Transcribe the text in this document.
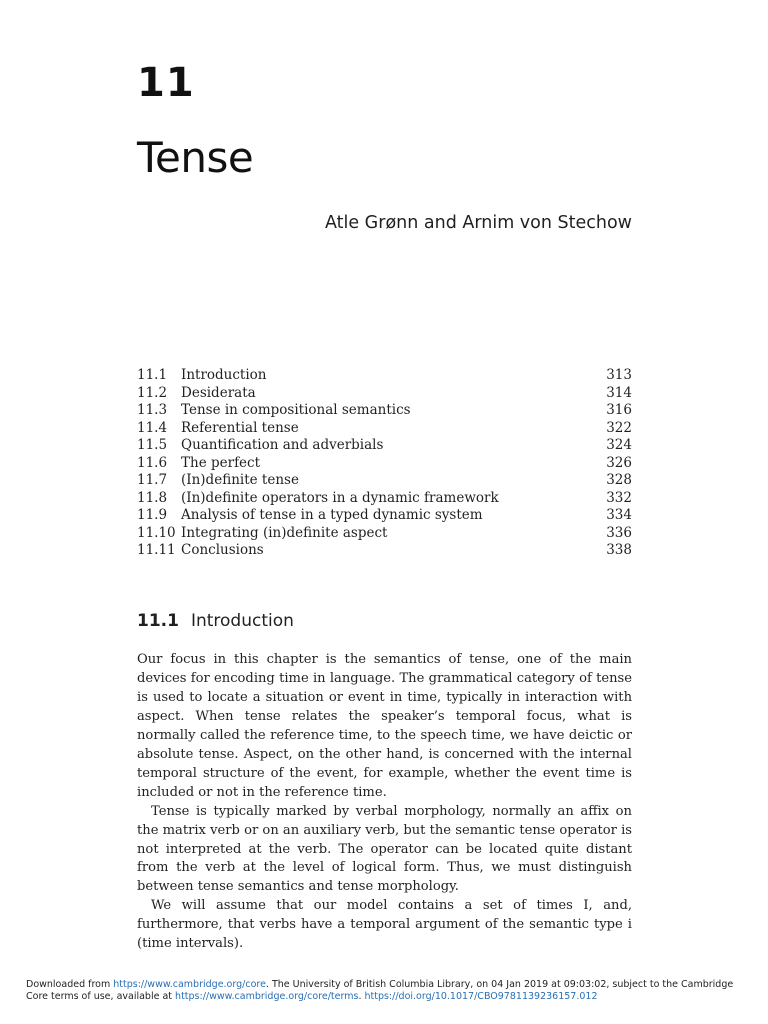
11
Tense
Atle Grønn and Arnim von Stechow
11.1	Introduction	313
11.2	Desiderata	314
11.3	Tense in compositional semantics	316
11.4	Referential tense	322
11.5	Quantification and adverbials	324
11.6	The perfect	326
11.7	(In)definite tense	328
11.8	(In)definite operators in a dynamic framework	332
11.9	Analysis of tense in a typed dynamic system	334
11.10 Integrating (in)definite aspect	336
11.11 Conclusions	338
11.1 Introduction

Our focus in this chapter is the semantics of tense, one of the main devices for encoding time in language. The grammatical category of tense is used to locate a situation or event in time, typically in interaction with aspect. When tense relates the speaker’s temporal focus, what is normally called the reference time, to the speech time, we have deictic or absolute tense. Aspect, on the other hand, is concerned with the internal temporal structure of the event, for example, whether the event time is included or not in the reference time.

Tense is typically marked by verbal morphology, normally an affix on the matrix verb or on an auxiliary verb, but the semantic tense operator is not interpreted at the verb. The operator can be located quite distant from the verb at the level of logical form. Thus, we must distinguish between tense semantics and tense morphology.

We will assume that our model contains a set of times I, and, furthermore, that verbs have a temporal argument of the semantic type i (time intervals).

Downloaded from https://www.cambridge.org/core. The University of British Columbia Library, on 04 Jan 2019 at 09:03:02, subject to the Cambridge Core terms of use, available at https://www.cambridge.org/core/terms. https://doi.org/10.1017/CBO9781139236157.012
